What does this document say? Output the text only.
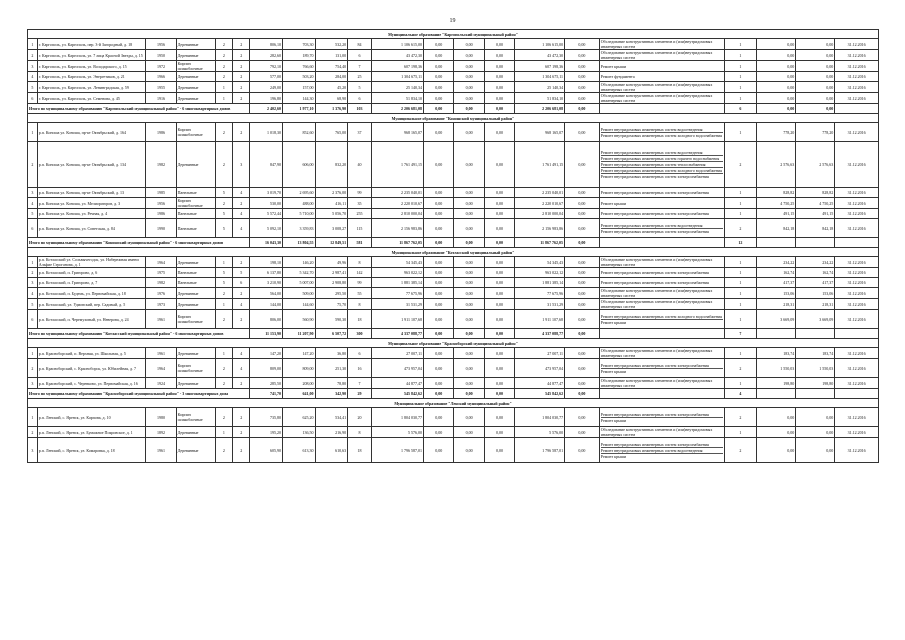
19
Муниципальное образование "Каргопольский муниципальный район"																				
1	г. Каргополь, ул. Каргополь, пер. 3-й Загородный, д. 18	1956	Деревянные	2	2	806,10	703,30	532,20	84	1 106 615,00	0,00	0,00	0,00	1 106 615,00	0,00	Обследование конструктивных элементов и (или)внутридомовых инженерных систем	1	0,00	0,00	31.12.2016
2	г. Каргополь, ул. Каргополь, ул. 7 лица Красной Звезды, д. 15	1950	Деревянные	2	2	282,60	189,70	131,00	6	43 472,30	0,00	0,00	0,00	43 472,30	0,00	Обследование конструктивных элементов и (или)внутридомовых инженерных систем	1	0,00	0,00	31.12.2016
3	г. Каргополь, ул. Каргополь, ул. Володарского, д. 15	1972	Кирпич шлакоблочные	2	2	792,10	766,60	754,40	7	607 198,36	0,00	0,00	0,00	607 198,36	0,00	Ремонт крыши	1	0,00	0,00	31.12.2016
4	г. Каргополь, ул. Каргополь, ул. Энергетиков, д. 21	1966	Деревянные	2	2	577,00	503,20	284,00	25	1 304 675,11	0,00	0,00	0,00	1 304 675,11	0,00	Ремонт фундамента	1	0,00	0,00	31.12.2016
5	г. Каргополь, ул. Каргополь, ул. Ленинградская, д. 59	1955	Деревянные	1	2	249,00	157,00	45,20	5	25 140,34	0,00	0,00	0,00	25 140,34	0,00	Обследование конструктивных элементов и (или)внутридомовых инженерных систем	1	0,00	0,00	31.12.2016
6	г. Каргополь, ул. Каргополь, ул. Семенова, д. 45	1916	Деревянные	1	2	196,80	144,30	68,90	6	51 834,10	0,00	0,00	0,00	51 834,10	0,00	Обследование конструктивных элементов и (или)внутридомовых инженерных систем	1	0,00	0,00	31.12.2016
Итого по муниципальному образованию "Каргопольский муниципальный район" - 6 многоквартирных домов						2 402,60	1 977,10	1 376,90	103	2 206 681,08	0,00	0,00	0,00	2 206 681,08	0,00		6	0,00	0,00	
Муниципальное образование "Коношский муниципальный район"																				
1	р.п. Коноша ул. Коноша, пр-кт Октябрьский, д. 164	1986	Кирпич шлакоблочные	2	2	1 018,30	852,60	765,00	37	968 165,07	0,00	0,00	0,00	968 165,07	0,00	Ремонт внутридомовых инженерных систем водоотведения
Ремонт внутридомовых инженерных систем холодного водоснабжения	1	778,20	778,20	31.12.2016
2	р.п. Коноша ул. Коноша, пр-кт Октябрьский, д. 134	1982	Деревянные	2	3	847,90	606,00	832,20	40	1 761 491,15	0,00	0,00	0,00	1 761 491,15	0,00	Ремонт внутридомовых инженерных систем водоотведения
Ремонт внутридомовых инженерных систем горячего водоснабжения
Ремонт внутридомовых инженерных систем теплоснабжения
Ремонт внутридомовых инженерных систем холодного водоснабжения
Ремонт внутридомовых инженерных систем электроснабжения	2	2 576,63	2 576,63	31.12.2016
3	р.п. Коноша ул. Коноша, пр-кт Октябрьский, д. 13	1985	Панельные	5	4	3 019,70	2 695,60	2 376,00	99	2 235 040,01	0,00	0,00	0,00	2 235 040,01	0,00	Ремонт внутридомовых инженерных систем электроснабжения	1	828,82	828,82	31.12.2016
4	р.п. Коноша ул. Коноша, ул. Мелиораторов, д. 3	1956	Кирпич шлакоблочные	2	2	530,00	488,00	416,11	35	2 220 010,67	0,00	0,00	0,00	2 220 010,67	0,00	Ремонт крыши	1	4 750,25	4 750,25	31.12.2016
5	р.п. Коноша ул. Коноша, ул. Речная, д. 4	1986	Панельные	5	4	5 572,44	5 710,00	5 056,70	255	2 810 000,04	0,00	0,00	0,00	2 810 000,04	0,00	Ремонт внутридомовых инженерных систем электроснабжения	1	491,15	491,15	31.12.2016
6	р.п. Коноша ул. Коноша, ул. Советская, д. 84	1990	Панельные	5	4	5 092,10	3 359,83	3 008,27	115	2 156 983,86	0,00	0,00	0,00	2 156 983,86	0,00	Ремонт внутридомовых инженерных систем водоотведения
Ремонт внутридомовых инженерных систем электроснабжения	2	842,18	842,18	31.12.2016
Итого по муниципальному образованию "Коношский муниципальный район" - 6 многоквартирных домов						16 043,30	13 804,55	12 849,51	581	11 867 762,05	0,00	0,00	0,00	11 867 762,05	0,00		12			
Муниципальное образование "Котласский муниципальный район"																				
1	р.п. Котласский ул. Сольвычегодск, ул. Набережная имени Альфие Строганова, д. 1	1964	Деревянные	1	2	198,10	146,20	49,96	8	54 345,43	0,00	0,00	0,00	54 345,43	0,00	Обследование конструктивных элементов и (или)внутридомовых инженерных систем	1	234,22	234,22	31.12.2016
2	р.п. Котласский, п. Григорово, д. 6	1975	Панельные	5	5	6 137,80	5 342,70	2 987,41	142	963 022,12	0,00	0,00	0,00	963 022,12	0,00	Ремонт внутридомовых инженерных систем электроснабжения	1	162,74	162,74	31.12.2016
3	р.п. Котласский, п. Григорово, д. 7	1982	Панельные	5	6	3 210,90	5 007,00	2 908,80	99	1 881 385,14	0,00	0,00	0,00	1 881 385,14	0,00	Ремонт внутридомовых инженерных систем электроснабжения	1	417,37	417,37	31.12.2016
4	р.п. Котласский, п. Будемь, ул. Первомайская, д. 18	1976	Деревянные	2	2	564,00	509,00	295,50	55	77 675,96	0,00	0,00	0,00	77 675,96	0,00	Обследование конструктивных элементов и (или)внутридомовых инженерных систем	1	153,06	153,06	31.12.2016
5	р.п. Котласский, ул. Удмовский, пер. Садовый, д. 5	1973	Деревянные	1	4	144,00	144,60	75,70	8	31 531,29	0,00	0,00	0,00	31 531,29	0,00	Обследование конструктивных элементов и (или)внутридомовых инженерных систем	1	218,31	218,31	31.12.2016
6	р.п. Котласский, п. Черемуховый, ул. Неверова, д. 24	1961	Кирпич шлакоблочные	2	2	806,00	560,90	590,30	18	1 911 107,68	0,00	0,00	0,00	1 911 107,68	0,00	Ремонт внутридомовых инженерных систем холодного водоснабжения
Ремонт крыши	1	3 669,09	3 669,09	31.12.2016
Итого по муниципальному образованию "Котласский муниципальный район" - 6 многоквартирных домов						11 153,90	11 207,90	6 507,72	300	4 337 088,77	0,00	0,00	0,00	4 337 088,77	0,00		7			
Муниципальное образование "Красноборский муниципальный район"																				
1	р.п. Красноборский, п. Верхняя, ул. Школьная, д. 5	1961	Деревянные	1	4	147,20	147,20	36,80	6	27 007,11	0,00	0,00	0,00	27 007,11	0,00	Обследование конструктивных элементов и (или)внутридомовых инженерных систем	1	183,74	183,74	31.12.2016
2	р.п. Красноборский, с. Красноборск, ул. Юбилейная, д. 7	1964	Кирпич шлакоблочные	2	4	809,00	809,00	251,30	16	473 957,04	0,00	0,00	0,00	473 957,04	0,00	Ремонт внутридомовых инженерных систем электроснабжения
Ремонт крыши	2	1 550,03	1 550,03	31.12.2016
3	р.п. Красноборский, с. Черевково, ул. Первомайская, д. 16	1924	Деревянные	2	2	285,50	208,00	78,80	7	44 877,47	0,00	0,00	0,00	44 877,47	0,00	Обследование конструктивных элементов и (или)внутридомовых инженерных систем	1	198,80	198,80	31.12.2016
Итого по муниципальному образованию "Красноборский муниципальный район" - 3 многоквартирных дома						741,70	641,00	342,90	29	545 842,62	0,00	0,00	0,00	545 842,62	0,00		4			
Муниципальное образование "Ленский муниципальный район"																				
1	р.п. Ленский, с. Яренск, ул. Карпова, д. 10	1980	Кирпич шлакоблочные	2	2	735,80	625,20	534,41	20	1 804 030,77	0,00	0,00	0,00	1 804 030,77	0,00	Ремонт внутридомовых инженерных систем электроснабжения
Ремонт крыши	2	0,00	0,00	31.12.2016
2	р.п. Ленский, с. Яренск, ул. Бумажное Покровское, д. 1	1892	Деревянные	1	2	195,20	136,50	216,90	8	5 576,00	0,00	0,00	0,00	5 576,00	0,00	Обследование конструктивных элементов и (или)внутридомовых инженерных систем	1	0,00	0,00	31.12.2016
3	р.п. Ленский, с. Яренск, ул. Комаровка, д. 18	1961	Деревянные	2	2	605,90	613,30	610,63	18	1 796 587,01	0,00	0,00	0,00	1 796 587,01	0,00	Ремонт внутридомовых инженерных систем электроснабжения
Ремонт внутридомовых инженерных систем водоотведения
Ремонт крыши	2	0,00	0,00	31.12.2016
